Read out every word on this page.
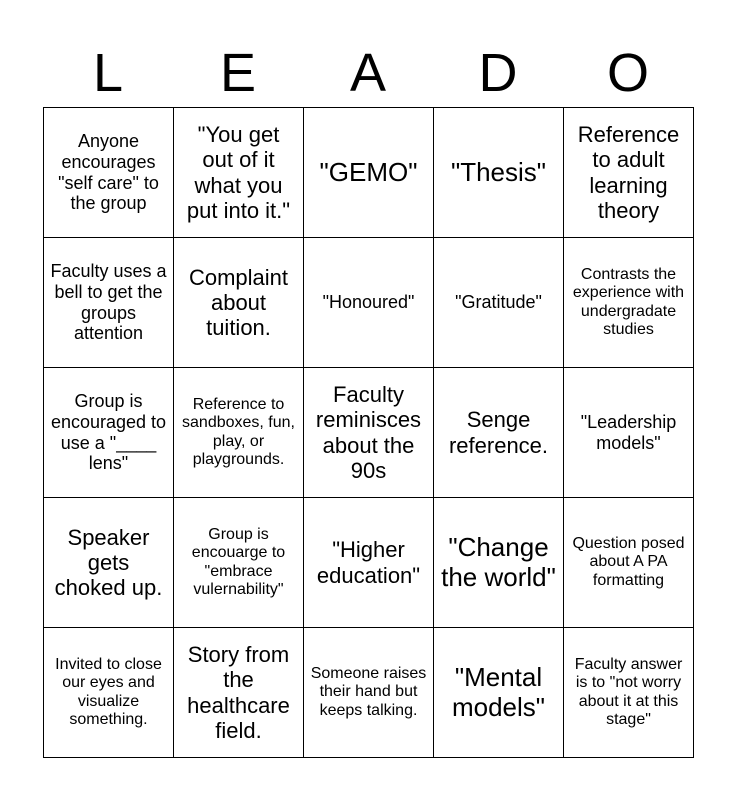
L	E	A	D	O
Anyone encourages "self care" to the group	"You get out of it what you put into it."	"GEMO"	"Thesis"	Reference to adult learning theory
Faculty uses a bell to get the groups attention	Complaint about tuition.	"Honoured"	"Gratitude"	Contrasts the experience with undergradate studies
Group is encouraged to use a "____ lens"	Reference to sandboxes, fun, play, or playgrounds.	Faculty reminisces about the 90s	Senge reference.	"Leadership models"
Speaker gets choked up.	Group is encouarge to "embrace vulernability"	"Higher education"	"Change the world"	Question posed about A PA formatting
Invited to close our eyes and visualize something.	Story from the healthcare field.	Someone raises their hand but keeps talking.	"Mental models"	Faculty answer is to "not worry about it at this stage"
